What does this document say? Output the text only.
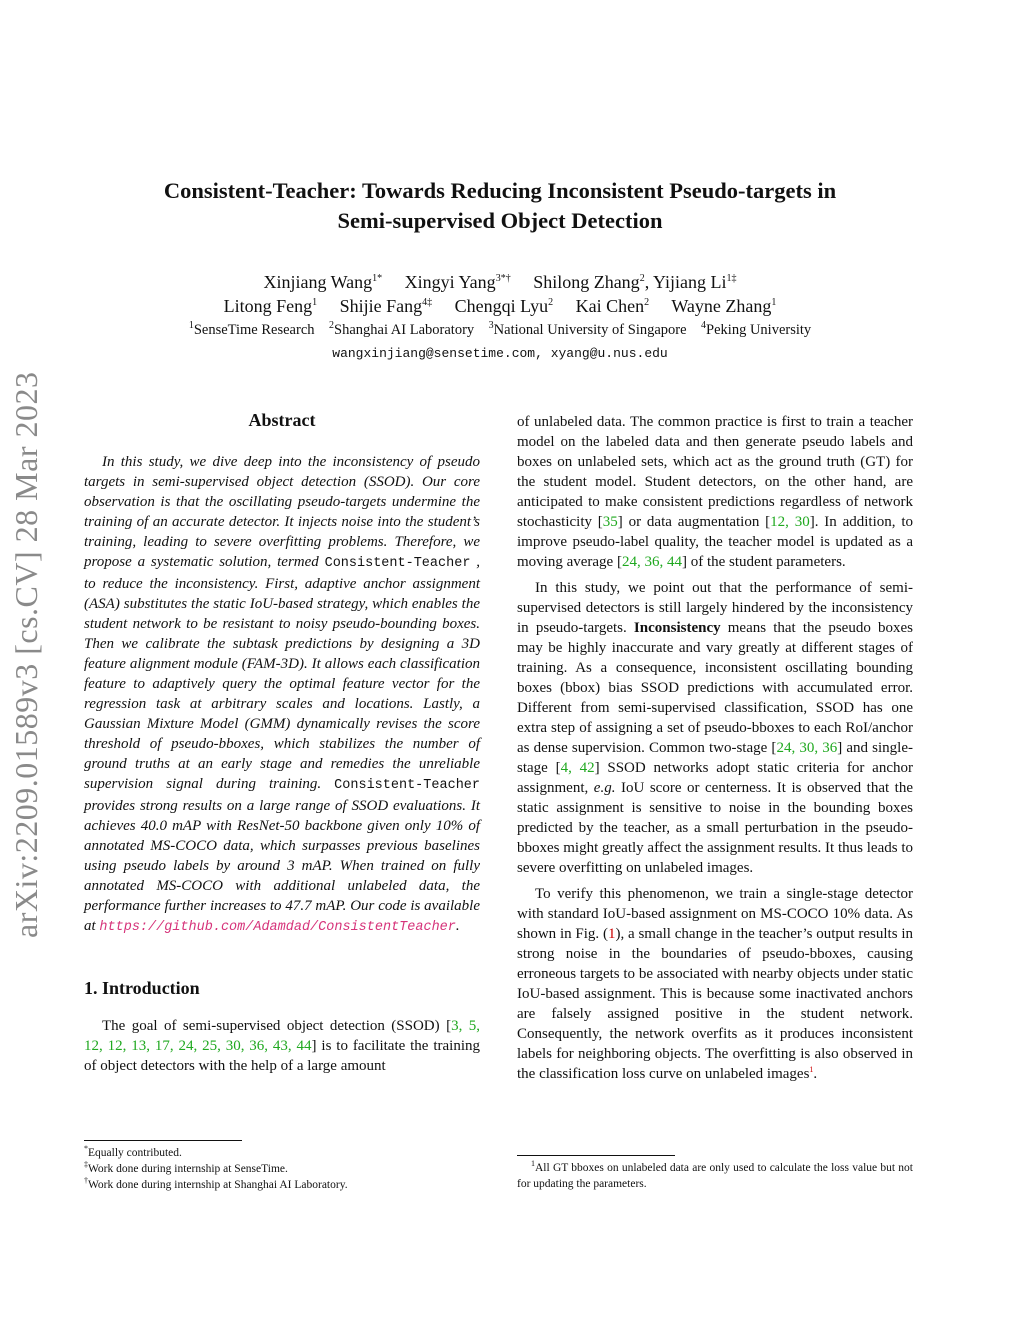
arXiv:2209.01589v3 [cs.CV] 28 Mar 2023
Consistent-Teacher: Towards Reducing Inconsistent Pseudo-targets in
Semi-supervised Object Detection
Xinjiang Wang$^{1*}$ Xingyi Yang$^{3*\dagger}$ Shilong Zhang$^2$, Yijiang $Li^{1\ddagger}$
Litong Feng$^1$ Shijie Fang$^{4\ddagger}$ Chengqi Lyu$^2$ Kai Chen$^2$ Wayne Zhang$^1$
$^1$SenseTime Research $^2$Shanghai AI Laboratory $^3$National University of Singapore $^4$Peking University
wangxinjiang@sensetime.com, xyang@u.nus.edu
Abstract

In this study, we dive deep into the inconsistency of pseudo targets in semi-supervised object detection (SSOD). Our core observation is that the oscillating pseudo-targets undermine the training of an accurate detector. It injects noise into the student’s training, leading to severe overfitting problems. Therefore, we propose a systematic solution, termed Consistent-Teacher , to reduce the inconsistency. First, adaptive anchor assignment (ASA) substitutes the static IoU-based strategy, which enables the student network to be resistant to noisy pseudo-bounding boxes. Then we calibrate the subtask predictions by designing a 3D feature alignment module (FAM-3D). It allows each classification feature to adaptively query the optimal feature vector for the regression task at arbitrary scales and locations. Lastly, a Gaussian Mixture Model (GMM) dynamically revises the score threshold of pseudo-bboxes, which stabilizes the number of ground truths at an early stage and remedies the unreliable supervision signal during training. Consistent-Teacher provides strong results on a large range of SSOD evaluations. It achieves 40.0 mAP with ResNet-50 backbone given only 10% of annotated MS-COCO data, which surpasses previous baselines using pseudo labels by around 3 mAP. When trained on fully annotated MS-COCO with additional unlabeled data, the performance further increases to 47.7 mAP. Our code is available at https://github.com/Adamdad/ConsistentTeacher.

1. Introduction

The goal of semi-supervised object detection (SSOD) [3, 5, 12, 12, 13, 17, 24, 25, 30, 36, 43, 44] is to facilitate the training of object detectors with the help of a large amount

*Equally contributed.
‡Work done during internship at SenseTime.
†Work done during internship at Shanghai AI Laboratory.

of unlabeled data. The common practice is first to train a teacher model on the labeled data and then generate pseudo labels and boxes on unlabeled sets, which act as the ground truth (GT) for the student model. Student detectors, on the other hand, are anticipated to make consistent predictions regardless of network stochasticity [35] or data augmentation [12, 30]. In addition, to improve pseudo-label quality, the teacher model is updated as a moving average [24, 36, 44] of the student parameters.

In this study, we point out that the performance of semi-supervised detectors is still largely hindered by the inconsistency in pseudo-targets. Inconsistency means that the pseudo boxes may be highly inaccurate and vary greatly at different stages of training. As a consequence, inconsistent oscillating bounding boxes (bbox) bias SSOD predictions with accumulated error. Different from semi-supervised classification, SSOD has one extra step of assigning a set of pseudo-bboxes to each RoI/anchor as dense supervision. Common two-stage [24, 30, 36] and single-stage [4, 42] SSOD networks adopt static criteria for anchor assignment, e.g. IoU score or centerness. It is observed that the static assignment is sensitive to noise in the bounding boxes predicted by the teacher, as a small perturbation in the pseudo-bboxes might greatly affect the assignment results. It thus leads to severe overfitting on unlabeled images.

To verify this phenomenon, we train a single-stage detector with standard IoU-based assignment on MS-COCO 10% data. As shown in Fig. (1), a small change in the teacher’s output results in strong noise in the boundaries of pseudo-bboxes, causing erroneous targets to be associated with nearby objects under static IoU-based assignment. This is because some inactivated anchors are falsely assigned positive in the student network. Consequently, the network overfits as it produces inconsistent labels for neighboring objects. The overfitting is also observed in the classification loss curve on unlabeled images$^1$.

$^1$All GT bboxes on unlabeled data are only used to calculate the loss value but not for updating the parameters.
